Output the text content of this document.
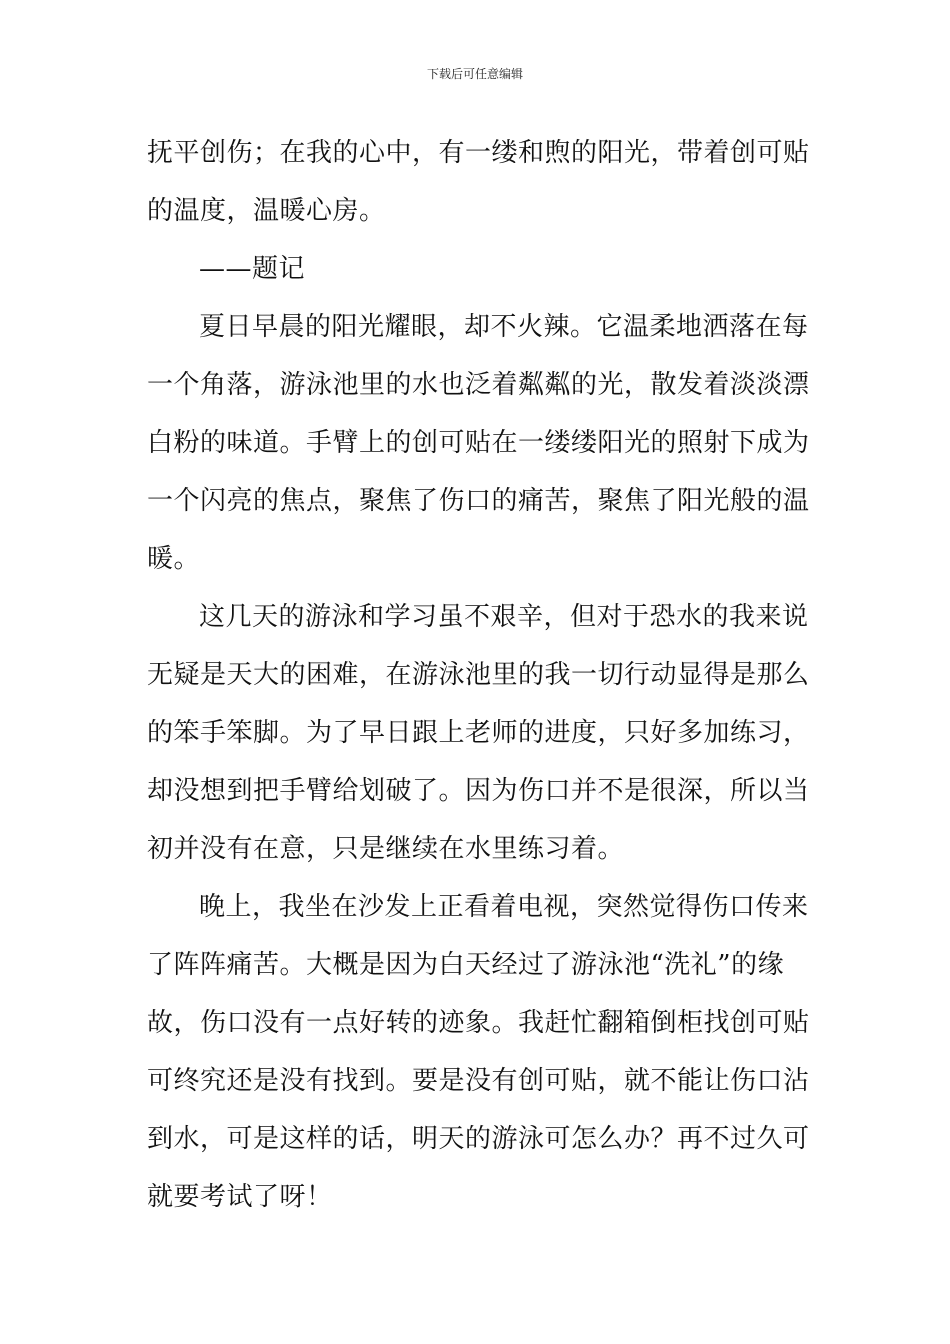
下载后可任意编辑
抚平创伤；在我的心中，有一缕和煦的阳光，带着创可贴
的温度，温暖心房。
——题记
夏日早晨的阳光耀眼，却不火辣。它温柔地洒落在每
一个角落，游泳池里的水也泛着粼粼的光，散发着淡淡漂
白粉的味道。手臂上的创可贴在一缕缕阳光的照射下成为
一个闪亮的焦点，聚焦了伤口的痛苦，聚焦了阳光般的温
暖。
这几天的游泳和学习虽不艰辛，但对于恐水的我来说
无疑是天大的困难，在游泳池里的我一切行动显得是那么
的笨手笨脚。为了早日跟上老师的进度，只好多加练习，
却没想到把手臂给划破了。因为伤口并不是很深，所以当
初并没有在意，只是继续在水里练习着。
晚上，我坐在沙发上正看着电视，突然觉得伤口传来
了阵阵痛苦。大概是因为白天经过了游泳池“洗礼”的缘
故，伤口没有一点好转的迹象。我赶忙翻箱倒柜找创可贴
可终究还是没有找到。要是没有创可贴，就不能让伤口沾
到水，可是这样的话，明天的游泳可怎么办？再不过久可
就要考试了呀！
